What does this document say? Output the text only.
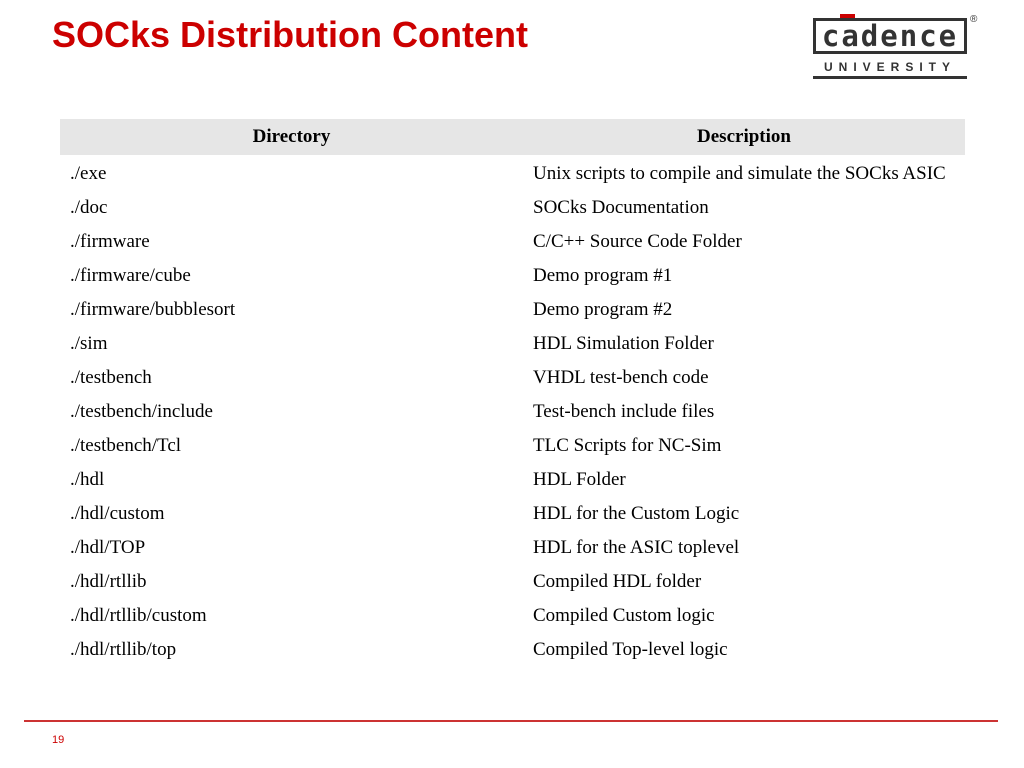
SOCks Distribution Content	cadence	®
UNIVERSITY
Directory	Description
./exe	Unix scripts to compile and simulate the SOCks ASIC
./doc	SOCks Documentation
./firmware	C/C++ Source Code Folder
./firmware/cube	Demo program #1
./firmware/bubblesort	Demo program #2
./sim	HDL Simulation Folder
./testbench	VHDL test-bench code
./testbench/include	Test-bench include files
./testbench/Tcl	TLC Scripts for NC-Sim
./hdl	HDL Folder
./hdl/custom	HDL for the Custom Logic
./hdl/TOP	HDL for the ASIC toplevel
./hdl/rtllib	Compiled HDL folder
./hdl/rtllib/custom	Compiled Custom logic
./hdl/rtllib/top	Compiled Top-level logic
19
